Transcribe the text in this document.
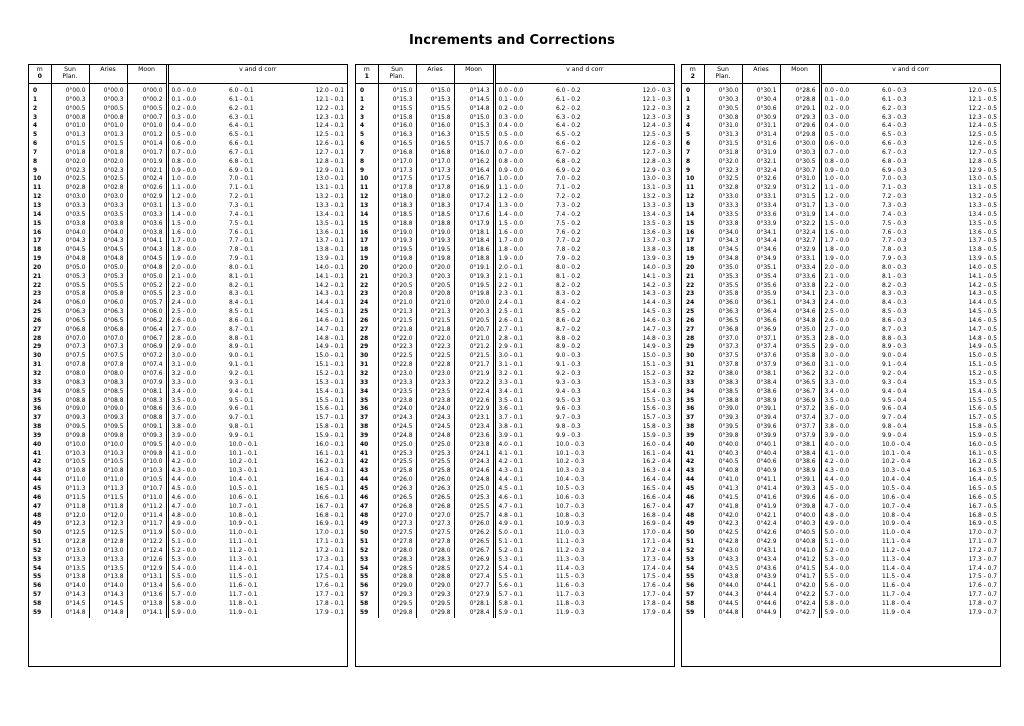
Increments and Corrections
m
0	Sun
Plan.	Aries	Moon	v and d corr		
0	0°00.0	0°00.0	0°00.0	0.0 - 0.0	6.0 - 0.1	12.0 - 0.1
1	0°00.3	0°00.3	0°00.2	0.1 - 0.0	6.1 - 0.1	12.1 - 0.1
2	0°00.5	0°00.5	0°00.5	0.2 - 0.0	6.2 - 0.1	12.2 - 0.1
3	0°00.8	0°00.8	0°00.7	0.3 - 0.0	6.3 - 0.1	12.3 - 0.1
4	0°01.0	0°01.0	0°01.0	0.4 - 0.0	6.4 - 0.1	12.4 - 0.1
5	0°01.3	0°01.3	0°01.2	0.5 - 0.0	6.5 - 0.1	12.5 - 0.1
6	0°01.5	0°01.5	0°01.4	0.6 - 0.0	6.6 - 0.1	12.6 - 0.1
7	0°01.8	0°01.8	0°01.7	0.7 - 0.0	6.7 - 0.1	12.7 - 0.1
8	0°02.0	0°02.0	0°01.9	0.8 - 0.0	6.8 - 0.1	12.8 - 0.1
9	0°02.3	0°02.3	0°02.1	0.9 - 0.0	6.9 - 0.1	12.9 - 0.1
10	0°02.5	0°02.5	0°02.4	1.0 - 0.0	7.0 - 0.1	13.0 - 0.1
11	0°02.8	0°02.8	0°02.6	1.1 - 0.0	7.1 - 0.1	13.1 - 0.1
12	0°03.0	0°03.0	0°02.9	1.2 - 0.0	7.2 - 0.1	13.2 - 0.1
13	0°03.3	0°03.3	0°03.1	1.3 - 0.0	7.3 - 0.1	13.3 - 0.1
14	0°03.5	0°03.5	0°03.3	1.4 - 0.0	7.4 - 0.1	13.4 - 0.1
15	0°03.8	0°03.8	0°03.6	1.5 - 0.0	7.5 - 0.1	13.5 - 0.1
16	0°04.0	0°04.0	0°03.8	1.6 - 0.0	7.6 - 0.1	13.6 - 0.1
17	0°04.3	0°04.3	0°04.1	1.7 - 0.0	7.7 - 0.1	13.7 - 0.1
18	0°04.5	0°04.5	0°04.3	1.8 - 0.0	7.8 - 0.1	13.8 - 0.1
19	0°04.8	0°04.8	0°04.5	1.9 - 0.0	7.9 - 0.1	13.9 - 0.1
20	0°05.0	0°05.0	0°04.8	2.0 - 0.0	8.0 - 0.1	14.0 - 0.1
21	0°05.3	0°05.3	0°05.0	2.1 - 0.0	8.1 - 0.1	14.1 - 0.1
22	0°05.5	0°05.5	0°05.2	2.2 - 0.0	8.2 - 0.1	14.2 - 0.1
23	0°05.8	0°05.8	0°05.5	2.3 - 0.0	8.3 - 0.1	14.3 - 0.1
24	0°06.0	0°06.0	0°05.7	2.4 - 0.0	8.4 - 0.1	14.4 - 0.1
25	0°06.3	0°06.3	0°06.0	2.5 - 0.0	8.5 - 0.1	14.5 - 0.1
26	0°06.5	0°06.5	0°06.2	2.6 - 0.0	8.6 - 0.1	14.6 - 0.1
27	0°06.8	0°06.8	0°06.4	2.7 - 0.0	8.7 - 0.1	14.7 - 0.1
28	0°07.0	0°07.0	0°06.7	2.8 - 0.0	8.8 - 0.1	14.8 - 0.1
29	0°07.3	0°07.3	0°06.9	2.9 - 0.0	8.9 - 0.1	14.9 - 0.1
30	0°07.5	0°07.5	0°07.2	3.0 - 0.0	9.0 - 0.1	15.0 - 0.1
31	0°07.8	0°07.8	0°07.4	3.1 - 0.0	9.1 - 0.1	15.1 - 0.1
32	0°08.0	0°08.0	0°07.6	3.2 - 0.0	9.2 - 0.1	15.2 - 0.1
33	0°08.3	0°08.3	0°07.9	3.3 - 0.0	9.3 - 0.1	15.3 - 0.1
34	0°08.5	0°08.5	0°08.1	3.4 - 0.0	9.4 - 0.1	15.4 - 0.1
35	0°08.8	0°08.8	0°08.3	3.5 - 0.0	9.5 - 0.1	15.5 - 0.1
36	0°09.0	0°09.0	0°08.6	3.6 - 0.0	9.6 - 0.1	15.6 - 0.1
37	0°09.3	0°09.3	0°08.8	3.7 - 0.0	9.7 - 0.1	15.7 - 0.1
38	0°09.5	0°09.5	0°09.1	3.8 - 0.0	9.8 - 0.1	15.8 - 0.1
39	0°09.8	0°09.8	0°09.3	3.9 - 0.0	9.9 - 0.1	15.9 - 0.1
40	0°10.0	0°10.0	0°09.5	4.0 - 0.0	10.0 - 0.1	16.0 - 0.1
41	0°10.3	0°10.3	0°09.8	4.1 - 0.0	10.1 - 0.1	16.1 - 0.1
42	0°10.5	0°10.5	0°10.0	4.2 - 0.0	10.2 - 0.1	16.2 - 0.1
43	0°10.8	0°10.8	0°10.3	4.3 - 0.0	10.3 - 0.1	16.3 - 0.1
44	0°11.0	0°11.0	0°10.5	4.4 - 0.0	10.4 - 0.1	16.4 - 0.1
45	0°11.3	0°11.3	0°10.7	4.5 - 0.0	10.5 - 0.1	16.5 - 0.1
46	0°11.5	0°11.5	0°11.0	4.6 - 0.0	10.6 - 0.1	16.6 - 0.1
47	0°11.8	0°11.8	0°11.2	4.7 - 0.0	10.7 - 0.1	16.7 - 0.1
48	0°12.0	0°12.0	0°11.4	4.8 - 0.0	10.8 - 0.1	16.8 - 0.1
49	0°12.3	0°12.3	0°11.7	4.9 - 0.0	10.9 - 0.1	16.9 - 0.1
50	0°12.5	0°12.5	0°11.9	5.0 - 0.0	11.0 - 0.1	17.0 - 0.1
51	0°12.8	0°12.8	0°12.2	5.1 - 0.0	11.1 - 0.1	17.1 - 0.1
52	0°13.0	0°13.0	0°12.4	5.2 - 0.0	11.2 - 0.1	17.2 - 0.1
53	0°13.3	0°13.3	0°12.6	5.3 - 0.0	11.3 - 0.1	17.3 - 0.1
54	0°13.5	0°13.5	0°12.9	5.4 - 0.0	11.4 - 0.1	17.4 - 0.1
55	0°13.8	0°13.8	0°13.1	5.5 - 0.0	11.5 - 0.1	17.5 - 0.1
56	0°14.0	0°14.0	0°13.4	5.6 - 0.0	11.6 - 0.1	17.6 - 0.1
57	0°14.3	0°14.3	0°13.6	5.7 - 0.0	11.7 - 0.1	17.7 - 0.1
58	0°14.5	0°14.5	0°13.8	5.8 - 0.0	11.8 - 0.1	17.8 - 0.1
59	0°14.8	0°14.8	0°14.1	5.9 - 0.0	11.9 - 0.1	17.9 - 0.1
m
1	Sun
Plan.	Aries	Moon	v and d corr		
0	0°15.0	0°15.0	0°14.3	0.0 - 0.0	6.0 - 0.2	12.0 - 0.3
1	0°15.3	0°15.3	0°14.5	0.1 - 0.0	6.1 - 0.2	12.1 - 0.3
2	0°15.5	0°15.5	0°14.8	0.2 - 0.0	6.2 - 0.2	12.2 - 0.3
3	0°15.8	0°15.8	0°15.0	0.3 - 0.0	6.3 - 0.2	12.3 - 0.3
4	0°16.0	0°16.0	0°15.3	0.4 - 0.0	6.4 - 0.2	12.4 - 0.3
5	0°16.3	0°16.3	0°15.5	0.5 - 0.0	6.5 - 0.2	12.5 - 0.3
6	0°16.5	0°16.5	0°15.7	0.6 - 0.0	6.6 - 0.2	12.6 - 0.3
7	0°16.8	0°16.8	0°16.0	0.7 - 0.0	6.7 - 0.2	12.7 - 0.3
8	0°17.0	0°17.0	0°16.2	0.8 - 0.0	6.8 - 0.2	12.8 - 0.3
9	0°17.3	0°17.3	0°16.4	0.9 - 0.0	6.9 - 0.2	12.9 - 0.3
10	0°17.5	0°17.5	0°16.7	1.0 - 0.0	7.0 - 0.2	13.0 - 0.3
11	0°17.8	0°17.8	0°16.9	1.1 - 0.0	7.1 - 0.2	13.1 - 0.3
12	0°18.0	0°18.0	0°17.2	1.2 - 0.0	7.2 - 0.2	13.2 - 0.3
13	0°18.3	0°18.3	0°17.4	1.3 - 0.0	7.3 - 0.2	13.3 - 0.3
14	0°18.5	0°18.5	0°17.6	1.4 - 0.0	7.4 - 0.2	13.4 - 0.3
15	0°18.8	0°18.8	0°17.9	1.5 - 0.0	7.5 - 0.2	13.5 - 0.3
16	0°19.0	0°19.0	0°18.1	1.6 - 0.0	7.6 - 0.2	13.6 - 0.3
17	0°19.3	0°19.3	0°18.4	1.7 - 0.0	7.7 - 0.2	13.7 - 0.3
18	0°19.5	0°19.5	0°18.6	1.8 - 0.0	7.8 - 0.2	13.8 - 0.3
19	0°19.8	0°19.8	0°18.8	1.9 - 0.0	7.9 - 0.2	13.9 - 0.3
20	0°20.0	0°20.0	0°19.1	2.0 - 0.1	8.0 - 0.2	14.0 - 0.3
21	0°20.3	0°20.3	0°19.3	2.1 - 0.1	8.1 - 0.2	14.1 - 0.3
22	0°20.5	0°20.5	0°19.5	2.2 - 0.1	8.2 - 0.2	14.2 - 0.3
23	0°20.8	0°20.8	0°19.8	2.3 - 0.1	8.3 - 0.2	14.3 - 0.3
24	0°21.0	0°21.0	0°20.0	2.4 - 0.1	8.4 - 0.2	14.4 - 0.3
25	0°21.3	0°21.3	0°20.3	2.5 - 0.1	8.5 - 0.2	14.5 - 0.3
26	0°21.5	0°21.5	0°20.5	2.6 - 0.1	8.6 - 0.2	14.6 - 0.3
27	0°21.8	0°21.8	0°20.7	2.7 - 0.1	8.7 - 0.2	14.7 - 0.3
28	0°22.0	0°22.0	0°21.0	2.8 - 0.1	8.8 - 0.2	14.8 - 0.3
29	0°22.3	0°22.3	0°21.2	2.9 - 0.1	8.9 - 0.2	14.9 - 0.3
30	0°22.5	0°22.5	0°21.5	3.0 - 0.1	9.0 - 0.3	15.0 - 0.3
31	0°22.8	0°22.8	0°21.7	3.1 - 0.1	9.1 - 0.3	15.1 - 0.3
32	0°23.0	0°23.0	0°21.9	3.2 - 0.1	9.2 - 0.3	15.2 - 0.3
33	0°23.3	0°23.3	0°22.2	3.3 - 0.1	9.3 - 0.3	15.3 - 0.3
34	0°23.5	0°23.5	0°22.4	3.4 - 0.1	9.4 - 0.3	15.4 - 0.3
35	0°23.8	0°23.8	0°22.6	3.5 - 0.1	9.5 - 0.3	15.5 - 0.3
36	0°24.0	0°24.0	0°22.9	3.6 - 0.1	9.6 - 0.3	15.6 - 0.3
37	0°24.3	0°24.3	0°23.1	3.7 - 0.1	9.7 - 0.3	15.7 - 0.3
38	0°24.5	0°24.5	0°23.4	3.8 - 0.1	9.8 - 0.3	15.8 - 0.3
39	0°24.8	0°24.8	0°23.6	3.9 - 0.1	9.9 - 0.3	15.9 - 0.3
40	0°25.0	0°25.0	0°23.8	4.0 - 0.1	10.0 - 0.3	16.0 - 0.4
41	0°25.3	0°25.3	0°24.1	4.1 - 0.1	10.1 - 0.3	16.1 - 0.4
42	0°25.5	0°25.5	0°24.3	4.2 - 0.1	10.2 - 0.3	16.2 - 0.4
43	0°25.8	0°25.8	0°24.6	4.3 - 0.1	10.3 - 0.3	16.3 - 0.4
44	0°26.0	0°26.0	0°24.8	4.4 - 0.1	10.4 - 0.3	16.4 - 0.4
45	0°26.3	0°26.3	0°25.0	4.5 - 0.1	10.5 - 0.3	16.5 - 0.4
46	0°26.5	0°26.5	0°25.3	4.6 - 0.1	10.6 - 0.3	16.6 - 0.4
47	0°26.8	0°26.8	0°25.5	4.7 - 0.1	10.7 - 0.3	16.7 - 0.4
48	0°27.0	0°27.0	0°25.7	4.8 - 0.1	10.8 - 0.3	16.8 - 0.4
49	0°27.3	0°27.3	0°26.0	4.9 - 0.1	10.9 - 0.3	16.9 - 0.4
50	0°27.5	0°27.5	0°26.2	5.0 - 0.1	11.0 - 0.3	17.0 - 0.4
51	0°27.8	0°27.8	0°26.5	5.1 - 0.1	11.1 - 0.3	17.1 - 0.4
52	0°28.0	0°28.0	0°26.7	5.2 - 0.1	11.2 - 0.3	17.2 - 0.4
53	0°28.3	0°28.3	0°26.9	5.3 - 0.1	11.3 - 0.3	17.3 - 0.4
54	0°28.5	0°28.5	0°27.2	5.4 - 0.1	11.4 - 0.3	17.4 - 0.4
55	0°28.8	0°28.8	0°27.4	5.5 - 0.1	11.5 - 0.3	17.5 - 0.4
56	0°29.0	0°29.0	0°27.7	5.6 - 0.1	11.6 - 0.3	17.6 - 0.4
57	0°29.3	0°29.3	0°27.9	5.7 - 0.1	11.7 - 0.3	17.7 - 0.4
58	0°29.5	0°29.5	0°28.1	5.8 - 0.1	11.8 - 0.3	17.8 - 0.4
59	0°29.8	0°29.8	0°28.4	5.9 - 0.1	11.9 - 0.3	17.9 - 0.4
m
2	Sun
Plan.	Aries	Moon	v and d corr		
0	0°30.0	0°30.1	0°28.6	0.0 - 0.0	6.0 - 0.3	12.0 - 0.5
1	0°30.3	0°30.4	0°28.8	0.1 - 0.0	6.1 - 0.3	12.1 - 0.5
2	0°30.5	0°30.6	0°29.1	0.2 - 0.0	6.2 - 0.3	12.2 - 0.5
3	0°30.8	0°30.9	0°29.3	0.3 - 0.0	6.3 - 0.3	12.3 - 0.5
4	0°31.0	0°31.1	0°29.6	0.4 - 0.0	6.4 - 0.3	12.4 - 0.5
5	0°31.3	0°31.4	0°29.8	0.5 - 0.0	6.5 - 0.3	12.5 - 0.5
6	0°31.5	0°31.6	0°30.0	0.6 - 0.0	6.6 - 0.3	12.6 - 0.5
7	0°31.8	0°31.9	0°30.3	0.7 - 0.0	6.7 - 0.3	12.7 - 0.5
8	0°32.0	0°32.1	0°30.5	0.8 - 0.0	6.8 - 0.3	12.8 - 0.5
9	0°32.3	0°32.4	0°30.7	0.9 - 0.0	6.9 - 0.3	12.9 - 0.5
10	0°32.5	0°32.6	0°31.0	1.0 - 0.0	7.0 - 0.3	13.0 - 0.5
11	0°32.8	0°32.9	0°31.2	1.1 - 0.0	7.1 - 0.3	13.1 - 0.5
12	0°33.0	0°33.1	0°31.5	1.2 - 0.0	7.2 - 0.3	13.2 - 0.5
13	0°33.3	0°33.4	0°31.7	1.3 - 0.0	7.3 - 0.3	13.3 - 0.5
14	0°33.5	0°33.6	0°31.9	1.4 - 0.0	7.4 - 0.3	13.4 - 0.5
15	0°33.8	0°33.9	0°32.2	1.5 - 0.0	7.5 - 0.3	13.5 - 0.5
16	0°34.0	0°34.1	0°32.4	1.6 - 0.0	7.6 - 0.3	13.6 - 0.5
17	0°34.3	0°34.4	0°32.7	1.7 - 0.0	7.7 - 0.3	13.7 - 0.5
18	0°34.5	0°34.6	0°32.9	1.8 - 0.0	7.8 - 0.3	13.8 - 0.5
19	0°34.8	0°34.9	0°33.1	1.9 - 0.0	7.9 - 0.3	13.9 - 0.5
20	0°35.0	0°35.1	0°33.4	2.0 - 0.0	8.0 - 0.3	14.0 - 0.5
21	0°35.3	0°35.4	0°33.6	2.1 - 0.0	8.1 - 0.3	14.1 - 0.5
22	0°35.5	0°35.6	0°33.8	2.2 - 0.0	8.2 - 0.3	14.2 - 0.5
23	0°35.8	0°35.9	0°34.1	2.3 - 0.0	8.3 - 0.3	14.3 - 0.5
24	0°36.0	0°36.1	0°34.3	2.4 - 0.0	8.4 - 0.3	14.4 - 0.5
25	0°36.3	0°36.4	0°34.6	2.5 - 0.0	8.5 - 0.3	14.5 - 0.5
26	0°36.5	0°36.6	0°34.8	2.6 - 0.0	8.6 - 0.3	14.6 - 0.5
27	0°36.8	0°36.9	0°35.0	2.7 - 0.0	8.7 - 0.3	14.7 - 0.5
28	0°37.0	0°37.1	0°35.3	2.8 - 0.0	8.8 - 0.3	14.8 - 0.5
29	0°37.3	0°37.4	0°35.5	2.9 - 0.0	8.9 - 0.3	14.9 - 0.5
30	0°37.5	0°37.6	0°35.8	3.0 - 0.0	9.0 - 0.4	15.0 - 0.5
31	0°37.8	0°37.9	0°36.0	3.1 - 0.0	9.1 - 0.4	15.1 - 0.5
32	0°38.0	0°38.1	0°36.2	3.2 - 0.0	9.2 - 0.4	15.2 - 0.5
33	0°38.3	0°38.4	0°36.5	3.3 - 0.0	9.3 - 0.4	15.3 - 0.5
34	0°38.5	0°38.6	0°36.7	3.4 - 0.0	9.4 - 0.4	15.4 - 0.5
35	0°38.8	0°38.9	0°36.9	3.5 - 0.0	9.5 - 0.4	15.5 - 0.5
36	0°39.0	0°39.1	0°37.2	3.6 - 0.0	9.6 - 0.4	15.6 - 0.5
37	0°39.3	0°39.4	0°37.4	3.7 - 0.0	9.7 - 0.4	15.7 - 0.5
38	0°39.5	0°39.6	0°37.7	3.8 - 0.0	9.8 - 0.4	15.8 - 0.5
39	0°39.8	0°39.9	0°37.9	3.9 - 0.0	9.9 - 0.4	15.9 - 0.5
40	0°40.0	0°40.1	0°38.1	4.0 - 0.0	10.0 - 0.4	16.0 - 0.5
41	0°40.3	0°40.4	0°38.4	4.1 - 0.0	10.1 - 0.4	16.1 - 0.5
42	0°40.5	0°40.6	0°38.6	4.2 - 0.0	10.2 - 0.4	16.2 - 0.5
43	0°40.8	0°40.9	0°38.9	4.3 - 0.0	10.3 - 0.4	16.3 - 0.5
44	0°41.0	0°41.1	0°39.1	4.4 - 0.0	10.4 - 0.4	16.4 - 0.5
45	0°41.3	0°41.4	0°39.3	4.5 - 0.0	10.5 - 0.4	16.5 - 0.5
46	0°41.5	0°41.6	0°39.6	4.6 - 0.0	10.6 - 0.4	16.6 - 0.5
47	0°41.8	0°41.9	0°39.8	4.7 - 0.0	10.7 - 0.4	16.7 - 0.5
48	0°42.0	0°42.1	0°40.0	4.8 - 0.0	10.8 - 0.4	16.8 - 0.5
49	0°42.3	0°42.4	0°40.3	4.9 - 0.0	10.9 - 0.4	16.9 - 0.5
50	0°42.5	0°42.6	0°40.5	5.0 - 0.0	11.0 - 0.4	17.0 - 0.7
51	0°42.8	0°42.9	0°40.8	5.1 - 0.0	11.1 - 0.4	17.1 - 0.7
52	0°43.0	0°43.1	0°41.0	5.2 - 0.0	11.2 - 0.4	17.2 - 0.7
53	0°43.3	0°43.4	0°41.2	5.3 - 0.0	11.3 - 0.4	17.3 - 0.7
54	0°43.5	0°43.6	0°41.5	5.4 - 0.0	11.4 - 0.4	17.4 - 0.7
55	0°43.8	0°43.9	0°41.7	5.5 - 0.0	11.5 - 0.4	17.5 - 0.7
56	0°44.0	0°44.1	0°42.0	5.6 - 0.0	11.6 - 0.4	17.6 - 0.7
57	0°44.3	0°44.4	0°42.2	5.7 - 0.0	11.7 - 0.4	17.7 - 0.7
58	0°44.5	0°44.6	0°42.4	5.8 - 0.0	11.8 - 0.4	17.8 - 0.7
59	0°44.8	0°44.9	0°42.7	5.9 - 0.0	11.9 - 0.4	17.9 - 0.7
